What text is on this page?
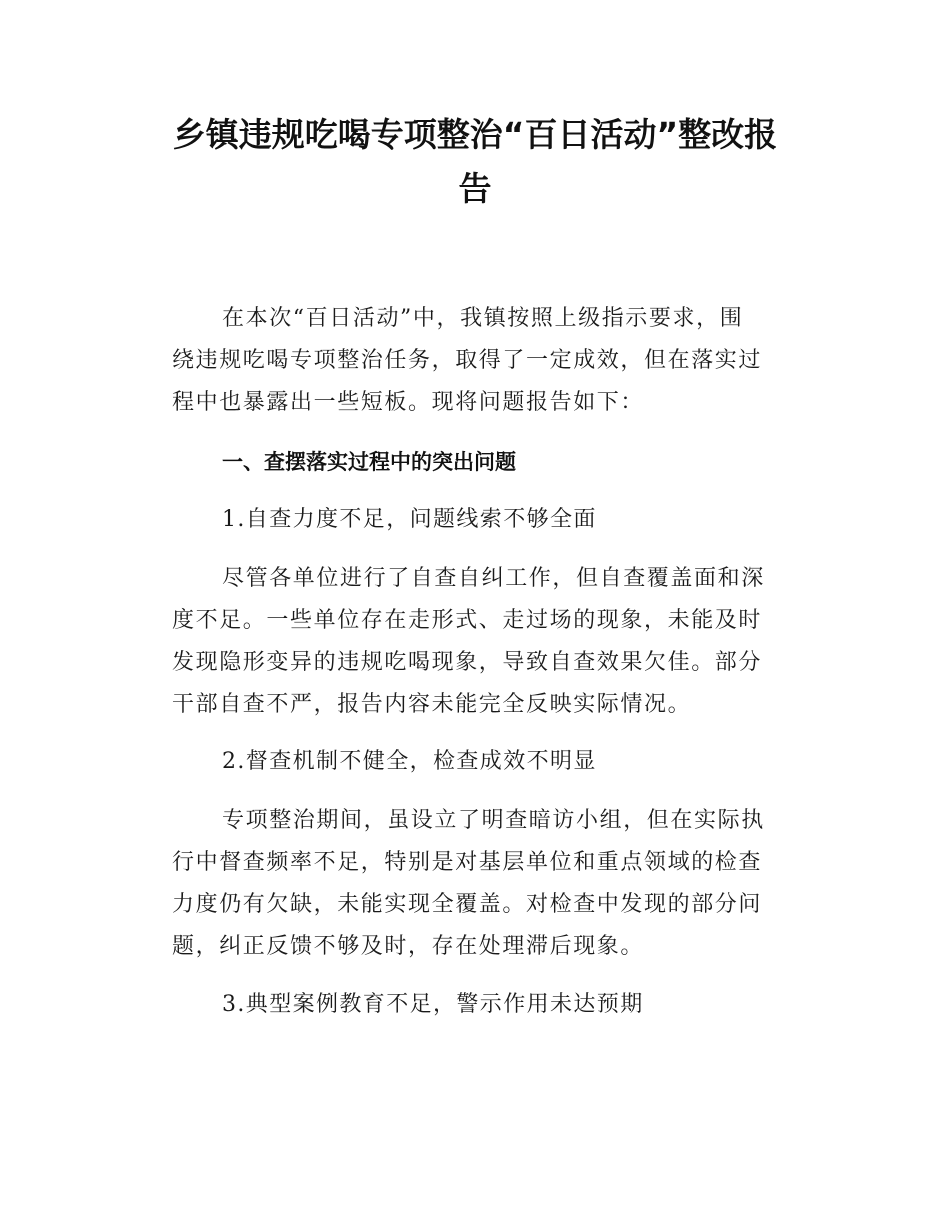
乡镇违规吃喝专项整治“百日活动”整改报
告
在本次“百日活动”中，我镇按照上级指示要求，围
绕违规吃喝专项整治任务，取得了一定成效，但在落实过
程中也暴露出一些短板。现将问题报告如下：
一、查摆落实过程中的突出问题
1.自查力度不足，问题线索不够全面
尽管各单位进行了自查自纠工作，但自查覆盖面和深
度不足。一些单位存在走形式、走过场的现象，未能及时
发现隐形变异的违规吃喝现象，导致自查效果欠佳。部分
干部自查不严，报告内容未能完全反映实际情况。
2.督查机制不健全，检查成效不明显
专项整治期间，虽设立了明查暗访小组，但在实际执
行中督查频率不足，特别是对基层单位和重点领域的检查
力度仍有欠缺，未能实现全覆盖。对检查中发现的部分问
题，纠正反馈不够及时，存在处理滞后现象。
3.典型案例教育不足，警示作用未达预期
